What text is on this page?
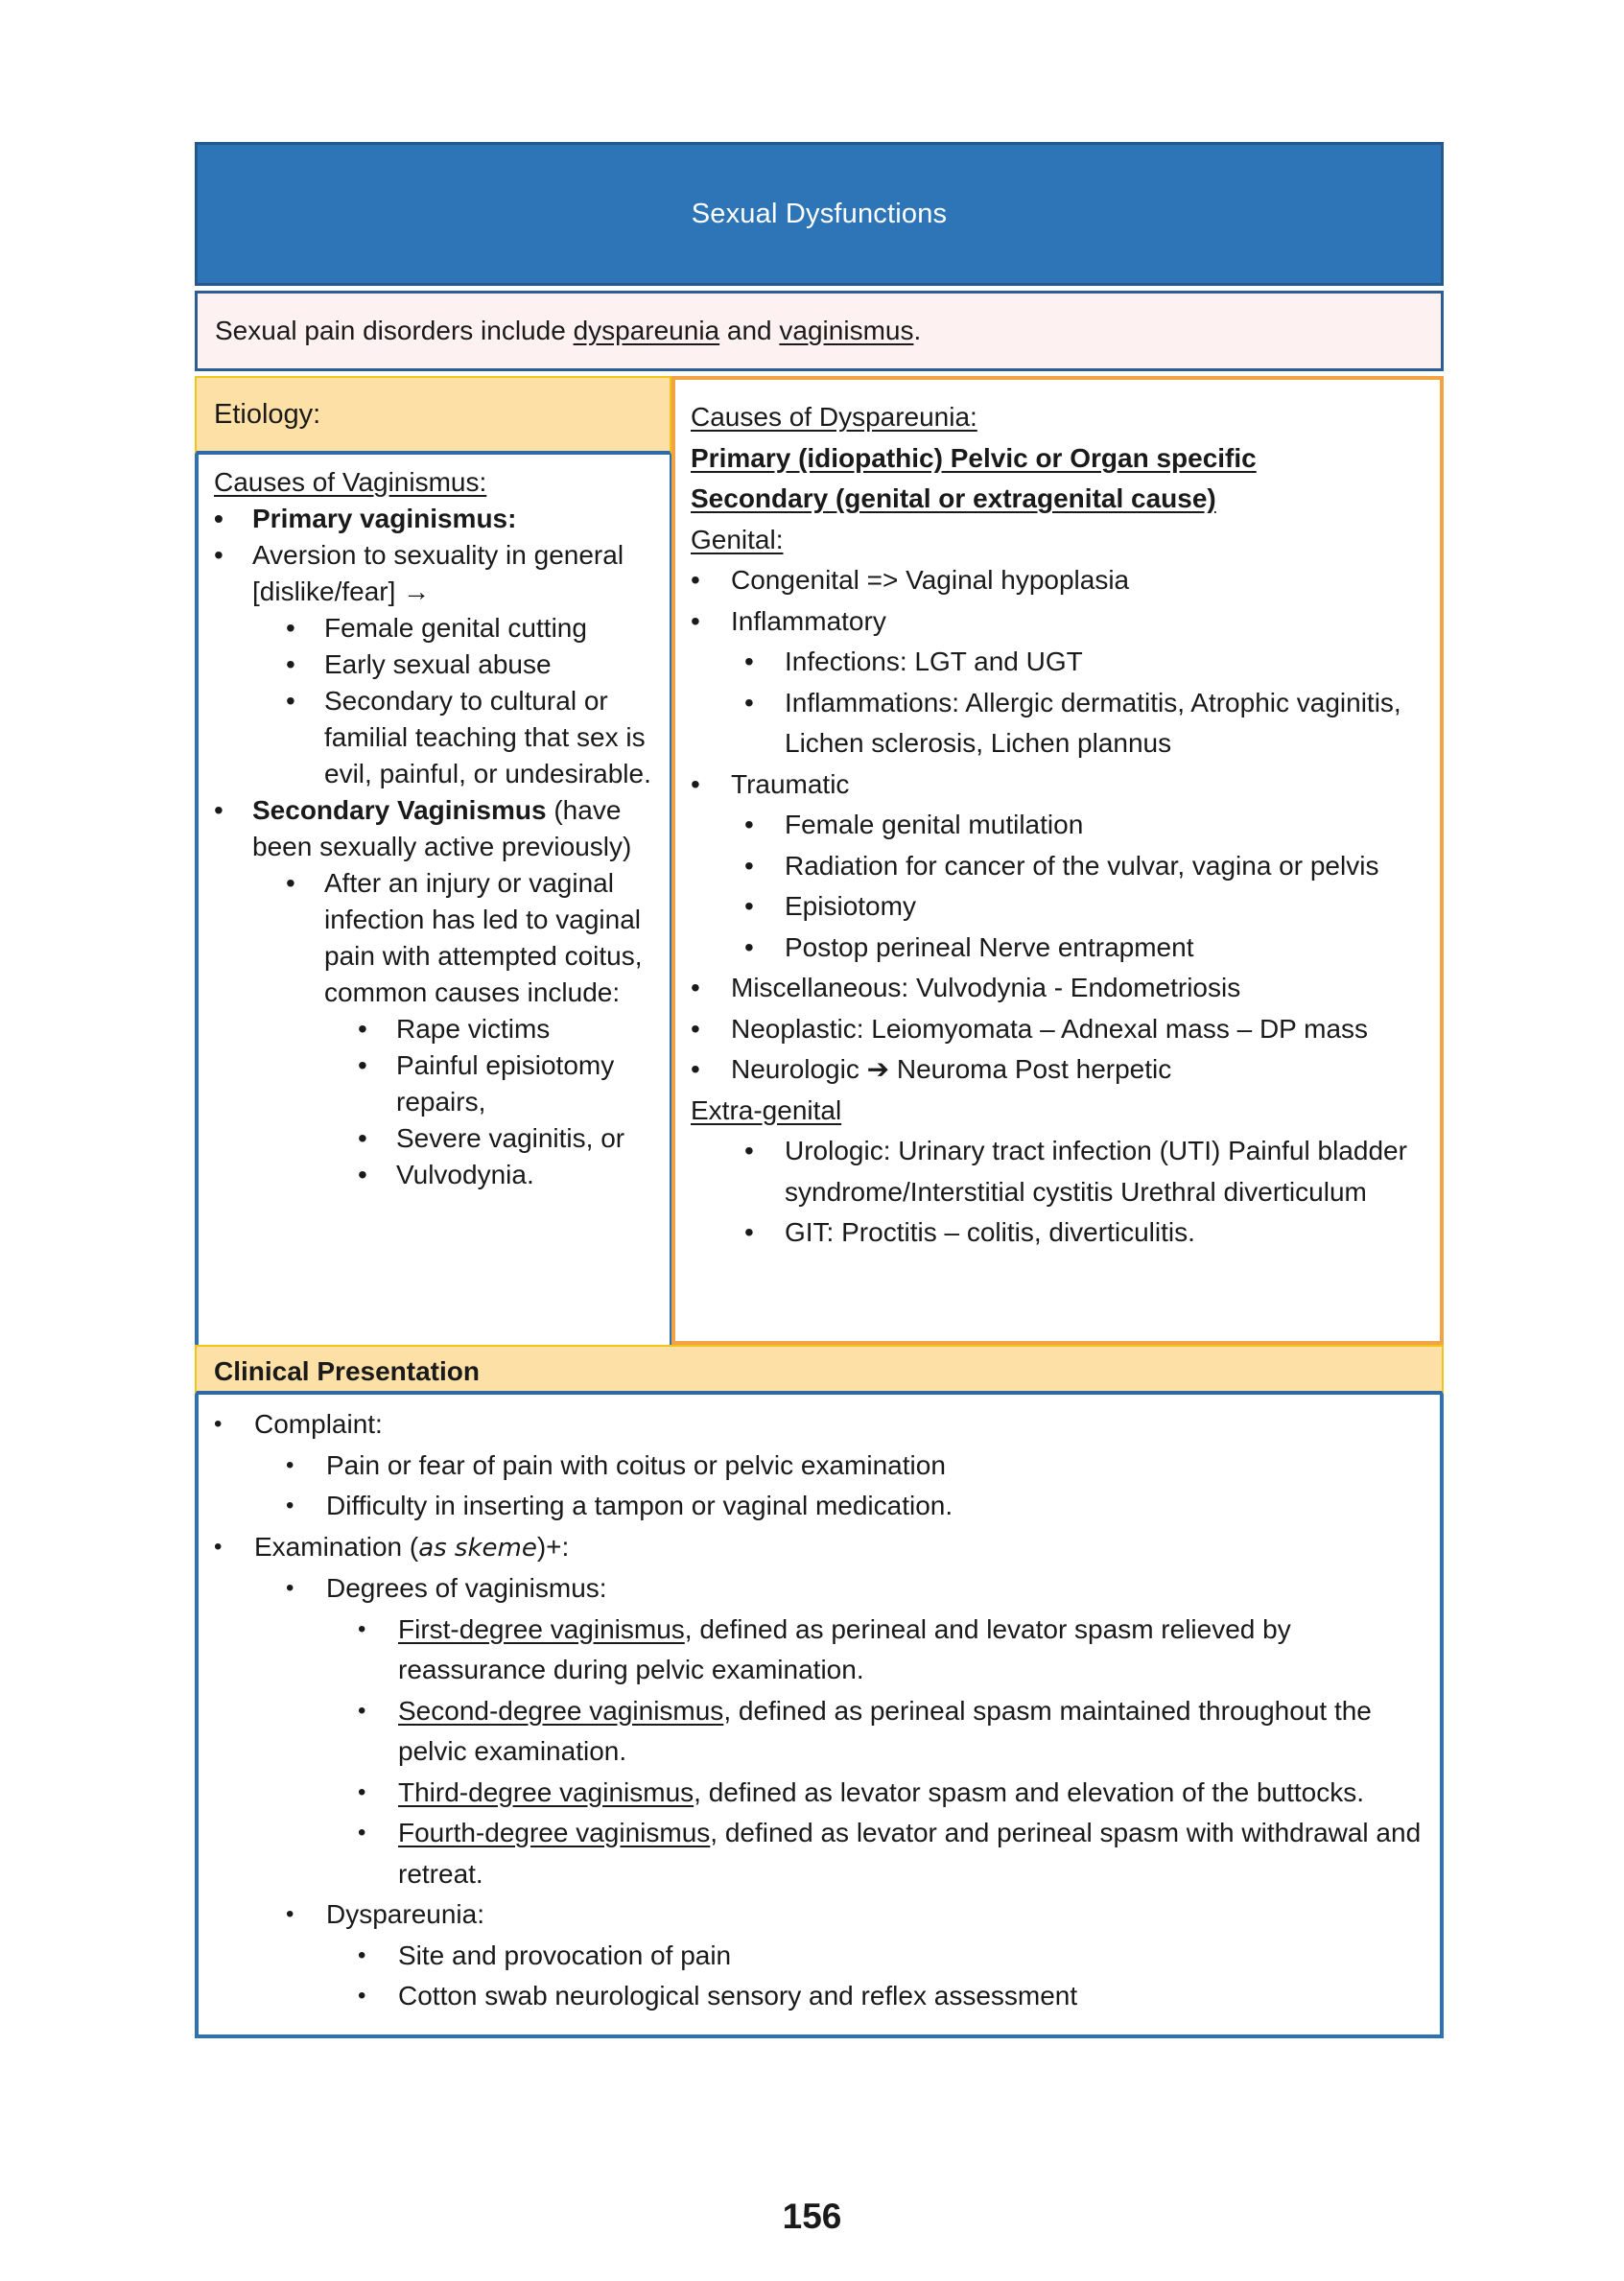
Sexual Dysfunctions
Sexual pain disorders include dyspareunia and vaginismus.
Etiology:
Causes of Vaginismus:
• Primary vaginismus:
• Aversion to sexuality in general [dislike/fear] →
• Female genital cutting
• Early sexual abuse
• Secondary to cultural or familial teaching that sex is evil, painful, or undesirable.
• Secondary Vaginismus (have been sexually active previously)
• After an injury or vaginal infection has led to vaginal pain with attempted coitus, common causes include:
• Rape victims
• Painful episiotomy repairs,
• Severe vaginitis, or
• Vulvodynia.
Causes of Dyspareunia:
Primary (idiopathic) Pelvic or Organ specific
Secondary (genital or extragenital cause)
Genital:
• Congenital => Vaginal hypoplasia
• Inflammatory
• Infections: LGT and UGT
• Inflammations: Allergic dermatitis, Atrophic vaginitis, Lichen sclerosis, Lichen plannus
• Traumatic
• Female genital mutilation
• Radiation for cancer of the vulvar, vagina or pelvis
• Episiotomy
• Postop perineal Nerve entrapment
• Miscellaneous: Vulvodynia - Endometriosis
• Neoplastic: Leiomyomata – Adnexal mass – DP mass
• Neurologic ➔ Neuroma Post herpetic
Extra-genital
• Urologic: Urinary tract infection (UTI) Painful bladder syndrome/Interstitial cystitis Urethral diverticulum
• GIT: Proctitis – colitis, diverticulitis.
Clinical Presentation
• Complaint:
• Pain or fear of pain with coitus or pelvic examination
• Difficulty in inserting a tampon or vaginal medication.
• Examination (as skeme)+:
• Degrees of vaginismus:
• First-degree vaginismus, defined as perineal and levator spasm relieved by reassurance during pelvic examination.
• Second-degree vaginismus, defined as perineal spasm maintained throughout the pelvic examination.
• Third-degree vaginismus, defined as levator spasm and elevation of the buttocks.
• Fourth-degree vaginismus, defined as levator and perineal spasm with withdrawal and retreat.
• Dyspareunia:
• Site and provocation of pain
• Cotton swab neurological sensory and reflex assessment
156
